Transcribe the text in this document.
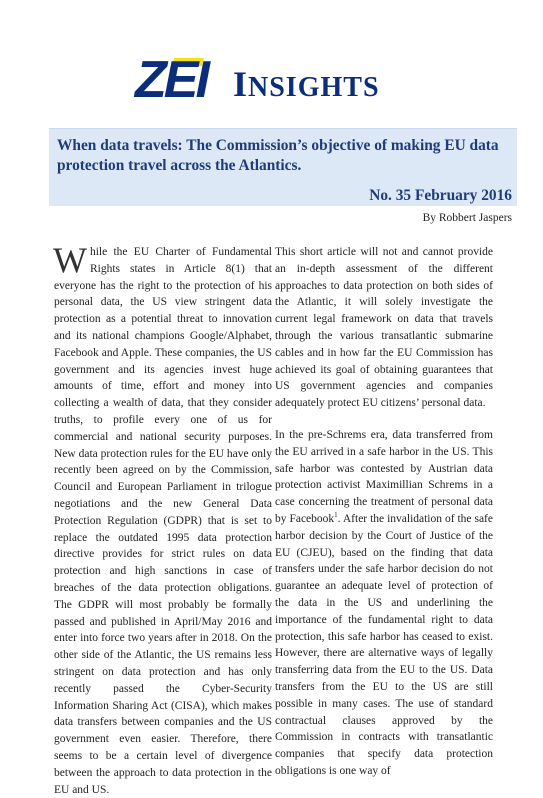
ZEI INSIGHTS
When data travels: The Commission’s objective of making EU data protection travel across the Atlantics.
No. 35 February 2016
By Robbert Jaspers

While the EU Charter of Fundamental Rights states in Article 8(1) that everyone has the right to the protection of his personal data, the US view stringent data protection as a potential threat to innovation and its national champions Google/Alphabet, Facebook and Apple. These companies, the US government and its agencies invest huge amounts of time, effort and money into collecting a wealth of data, that they consider truths, to profile every one of us for commercial and national security purposes. New data protection rules for the EU have only recently been agreed on by the Commission, Council and European Parliament in trilogue negotiations and the new General Data Protection Regulation (GDPR) that is set to replace the outdated 1995 data protection directive provides for strict rules on data protection and high sanctions in case of breaches of the data protection obligations. The GDPR will most probably be formally passed and published in April/May 2016 and enter into force two years after in 2018. On the other side of the Atlantic, the US remains less stringent on data protection and has only recently passed the Cyber-Security Information Sharing Act (CISA), which makes data transfers between companies and the US government even easier. Therefore, there seems to be a certain level of divergence between the approach to data protection in the EU and US.

This short article will not and cannot provide an in-depth assessment of the different approaches to data protection on both sides of the Atlantic, it will solely investigate the current legal framework on data that travels through the various transatlantic submarine cables and in how far the EU Commission has achieved its goal of obtaining guarantees that US government agencies and companies adequately protect EU citizens’ personal data.

In the pre-Schrems era, data transferred from the EU arrived in a safe harbor in the US. This safe harbor was contested by Austrian data protection activist Maximillian Schrems in a case concerning the treatment of personal data by Facebook$^1$. After the invalidation of the safe harbor decision by the Court of Justice of the EU (CJEU), based on the finding that data transfers under the safe harbor decision do not guarantee an adequate level of protection of the data in the US and underlining the importance of the fundamental right to data protection, this safe harbor has ceased to exist. However, there are alternative ways of legally transferring data from the EU to the US. Data transfers from the EU to the US are still possible in many cases. The use of standard contractual clauses approved by the Commission in contracts with transatlantic companies that specify data protection obligations is one way of
